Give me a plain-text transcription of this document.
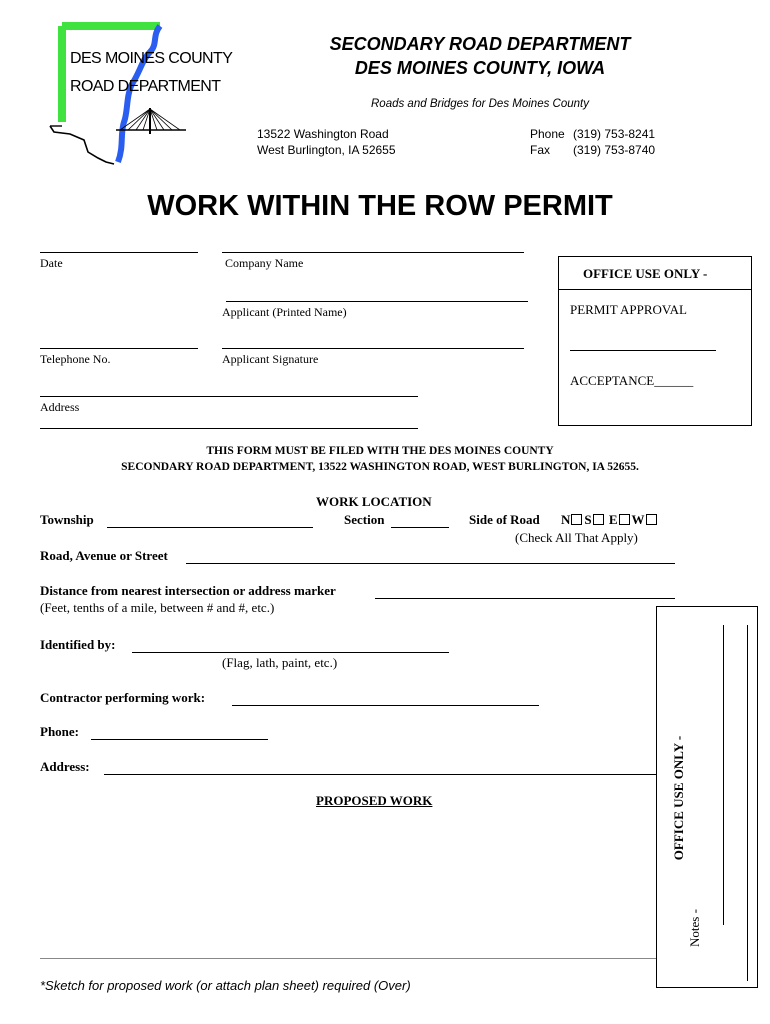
DES MOINES COUNTY
ROAD DEPARTMENT
SECONDARY ROAD DEPARTMENT
DES MOINES COUNTY, IOWA
Roads and Bridges for Des Moines County
13522 Washington Road
West Burlington, IA 52655
Phone (319) 753-8241
Fax (319) 753-8740
WORK WITHIN THE ROW PERMIT
Date	Company Name
Applicant (Printed Name)
Telephone No.	Applicant Signature
Address
OFFICE USE ONLY -
PERMIT APPROVAL
ACCEPTANCE______
THIS FORM MUST BE FILED WITH THE DES MOINES COUNTY
SECONDARY ROAD DEPARTMENT, 13522 WASHINGTON ROAD, WEST BURLINGTON, IA 52655.
WORK LOCATION
Township	Section	Side of Road N S E W
(Check All That Apply)
Road, Avenue or Street
Distance from nearest intersection or address marker
(Feet, tenths of a mile, between # and #, etc.)
Identified by:
(Flag, lath, paint, etc.)
Contractor performing work:
Phone:
Address:
PROPOSED WORK	OFFICE USE ONLY -
Notes -
*Sketch for proposed work (or attach plan sheet) required (Over)
